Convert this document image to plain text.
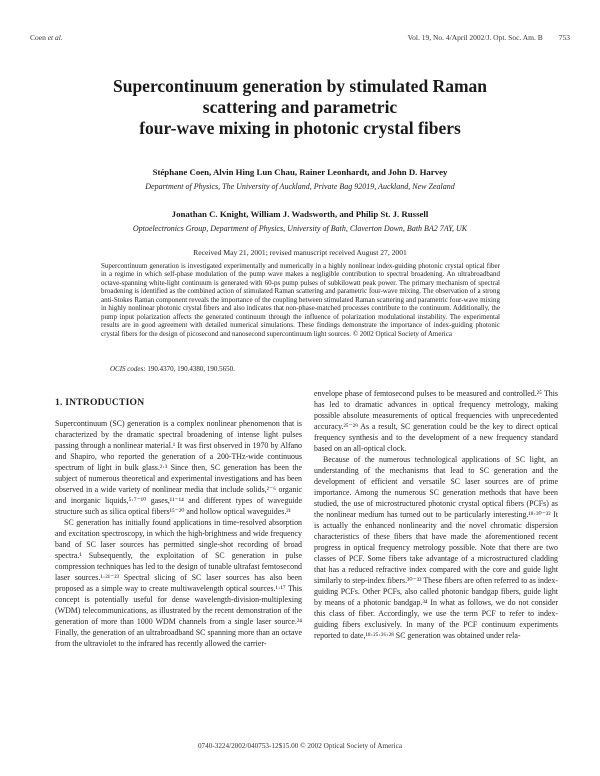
Coen et al.	Vol. 19, No. 4/April 2002/J. Opt. Soc. Am. B 753
Supercontinuum generation by stimulated Raman
scattering and parametric
four-wave mixing in photonic crystal fibers
Stéphane Coen, Alvin Hing Lun Chau, Rainer Leonhardt, and John D. Harvey
Department of Physics, The University of Auckland, Private Bag 92019, Auckland, New Zealand
Jonathan C. Knight, William J. Wadsworth, and Philip St. J. Russell
Optoelectronics Group, Department of Physics, University of Bath, Claverton Down, Bath BA2 7AY, UK
Received May 21, 2001; revised manuscript received August 27, 2001
Supercontinuum generation is investigated experimentally and numerically in a highly nonlinear index-guiding photonic crystal optical fiber in a regime in which self-phase modulation of the pump wave makes a negligible contribution to spectral broadening. An ultrabroadband octave-spanning white-light continuum is generated with 60-ps pump pulses of subkilowatt peak power. The primary mechanism of spectral broadening is identified as the combined action of stimulated Raman scattering and parametric four-wave mixing. The observation of a strong anti-Stokes Raman component reveals the importance of the coupling between stimulated Raman scattering and parametric four-wave mixing in highly nonlinear photonic crystal fibers and also indicates that non-phase-matched processes contribute to the continuum. Additionally, the pump input polarization affects the generated continuum through the influence of polarization modulational instability. The experimental results are in good agreement with detailed numerical simulations. These findings demonstrate the importance of index-guiding photonic crystal fibers for the design of picosecond and nanosecond supercontinuum light sources. © 2002 Optical Society of America
OCIS codes: 190.4370, 190.4380, 190.5650.
1. INTRODUCTION

Supercontinuum (SC) generation is a complex nonlinear phenomenon that is characterized by the dramatic spectral broadening of intense light pulses passing through a nonlinear material.¹ It was first observed in 1970 by Alfano and Shapiro, who reported the generation of a 200-THz-wide continuous spectrum of light in bulk glass.²·³ Since then, SC generation has been the subject of numerous theoretical and experimental investigations and has been observed in a wide variety of nonlinear media that include solids,²⁻⁶ organic and inorganic liquids,⁵·⁷⁻¹⁰ gases,¹¹⁻¹⁴ and different types of waveguide structure such as silica optical fibers¹⁵⁻²⁰ and hollow optical waveguides.²¹

SC generation has initially found applications in time-resolved absorption and excitation spectroscopy, in which the high-brightness and wide frequency band of SC laser sources has permitted single-shot recording of broad spectra.¹ Subsequently, the exploitation of SC generation in pulse compression techniques has led to the design of tunable ultrafast femtosecond laser sources.¹·²¹⁻²³ Spectral slicing of SC laser sources has also been proposed as a simple way to create multiwavelength optical sources.¹·¹⁷ This concept is potentially useful for dense wavelength-division-multiplexing (WDM) telecommunications, as illustrated by the recent demonstration of the generation of more than 1000 WDM channels from a single laser source.²⁴ Finally, the generation of an ultrabroadband SC spanning more than an octave from the ultraviolet to the infrared has recently allowed the carrier-

envelope phase of femtosecond pulses to be measured and controlled.²⁵ This has led to dramatic advances in optical frequency metrology, making possible absolute measurements of optical frequencies with unprecedented accuracy.²⁵⁻²⁹ As a result, SC generation could be the key to direct optical frequency synthesis and to the development of a new frequency standard based on an all-optical clock.

Because of the numerous technological applications of SC light, an understanding of the mechanisms that lead to SC generation and the development of efficient and versatile SC laser sources are of prime importance. Among the numerous SC generation methods that have been studied, the use of microstructured photonic crystal optical fibers (PCFs) as the nonlinear medium has turned out to be particularly interesting.¹⁸·³⁰⁻³² It is actually the enhanced nonlinearity and the novel chromatic dispersion characteristics of these fibers that have made the aforementioned recent progress in optical frequency metrology possible. Note that there are two classes of PCF. Some fibers take advantage of a microstructured cladding that has a reduced refractive index compared with the core and guide light similarly to step-index fibers.³⁰⁻³³ These fibers are often referred to as index-guiding PCFs. Other PCFs, also called photonic bandgap fibers, guide light by means of a photonic bandgap.³⁴ In what as follows, we do not consider this class of fiber. Accordingly, we use the term PCF to refer to index-guiding fibers exclusively. In many of the PCF continuum experiments reported to date,¹⁸·²⁵·²⁶·²⁸ SC generation was obtained under rela-

0740-3224/2002/040753-12$15.00 © 2002 Optical Society of America
